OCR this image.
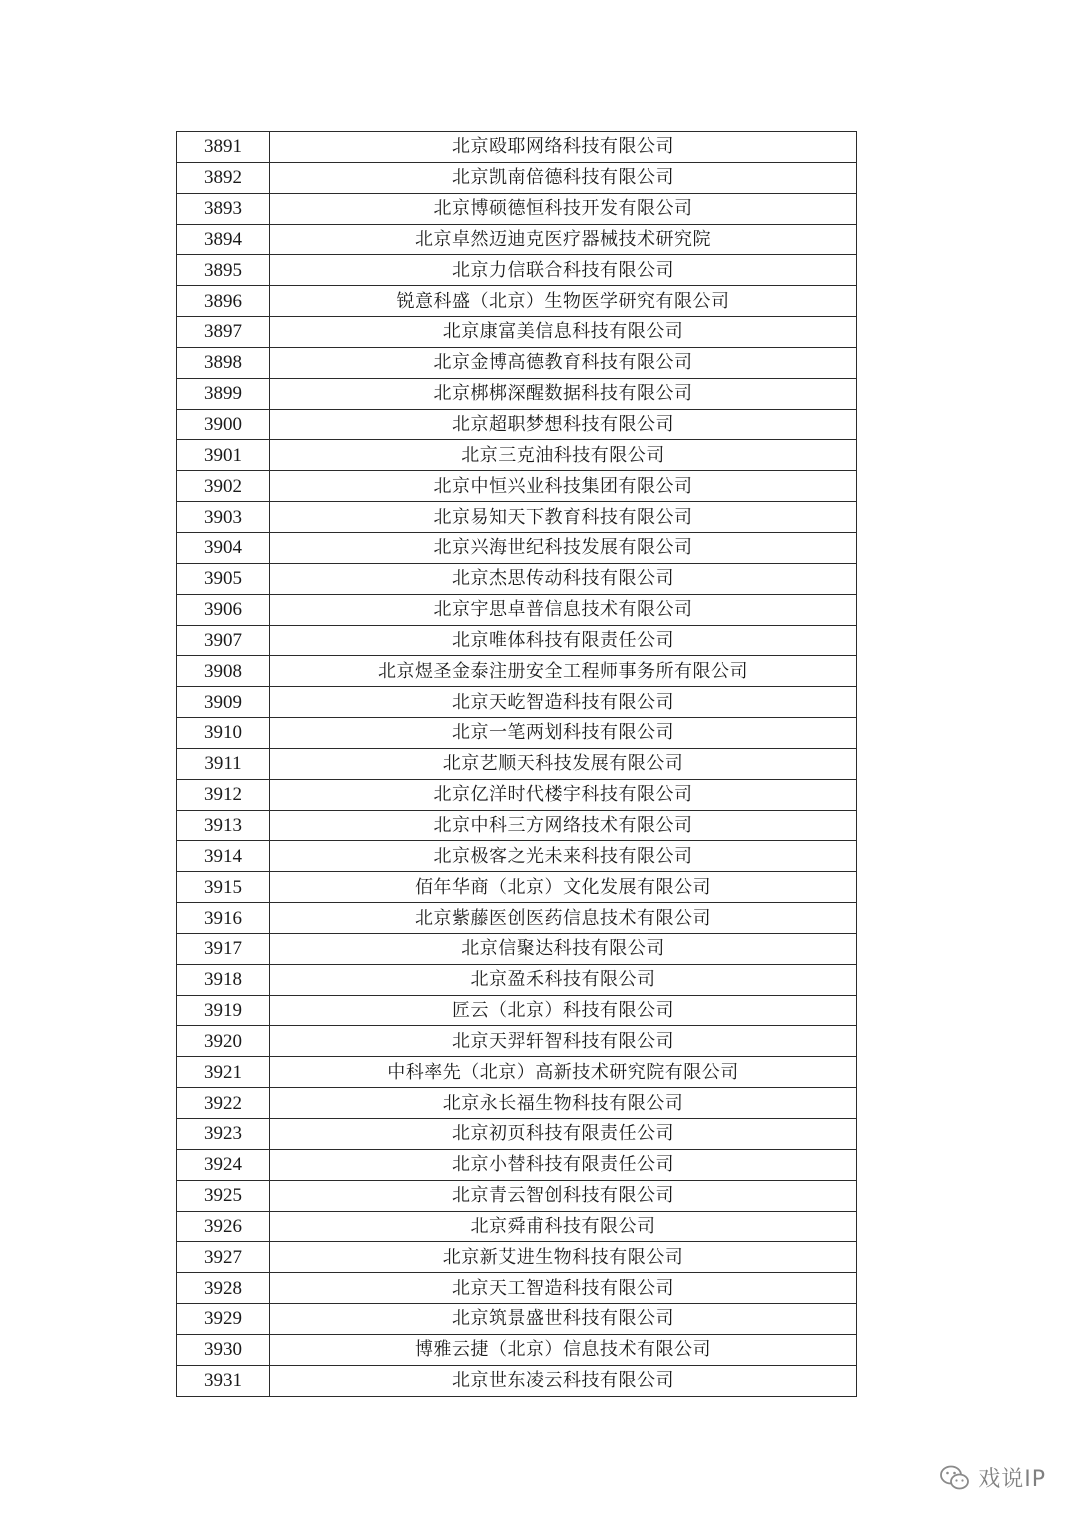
3891	北京殴耶网络科技有限公司
3892	北京凯南倍德科技有限公司
3893	北京博硕德恒科技开发有限公司
3894	北京卓然迈迪克医疗器械技术研究院
3895	北京力信联合科技有限公司
3896	锐意科盛（北京）生物医学研究有限公司
3897	北京康富美信息科技有限公司
3898	北京金博高德教育科技有限公司
3899	北京梆梆深醒数据科技有限公司
3900	北京超职梦想科技有限公司
3901	北京三克油科技有限公司
3902	北京中恒兴业科技集团有限公司
3903	北京易知天下教育科技有限公司
3904	北京兴海世纪科技发展有限公司
3905	北京杰思传动科技有限公司
3906	北京宇思卓普信息技术有限公司
3907	北京唯体科技有限责任公司
3908	北京煜圣金泰注册安全工程师事务所有限公司
3909	北京天屹智造科技有限公司
3910	北京一笔两划科技有限公司
3911	北京艺顺天科技发展有限公司
3912	北京亿洋时代楼宇科技有限公司
3913	北京中科三方网络技术有限公司
3914	北京极客之光未来科技有限公司
3915	佰年华商（北京）文化发展有限公司
3916	北京紫藤医创医药信息技术有限公司
3917	北京信聚达科技有限公司
3918	北京盈禾科技有限公司
3919	匠云（北京）科技有限公司
3920	北京天羿轩智科技有限公司
3921	中科率先（北京）高新技术研究院有限公司
3922	北京永长福生物科技有限公司
3923	北京初页科技有限责任公司
3924	北京小替科技有限责任公司
3925	北京青云智创科技有限公司
3926	北京舜甫科技有限公司
3927	北京新艾进生物科技有限公司
3928	北京天工智造科技有限公司
3929	北京筑景盛世科技有限公司
3930	博雅云捷（北京）信息技术有限公司
3931	北京世东凌云科技有限公司
戏说IP
